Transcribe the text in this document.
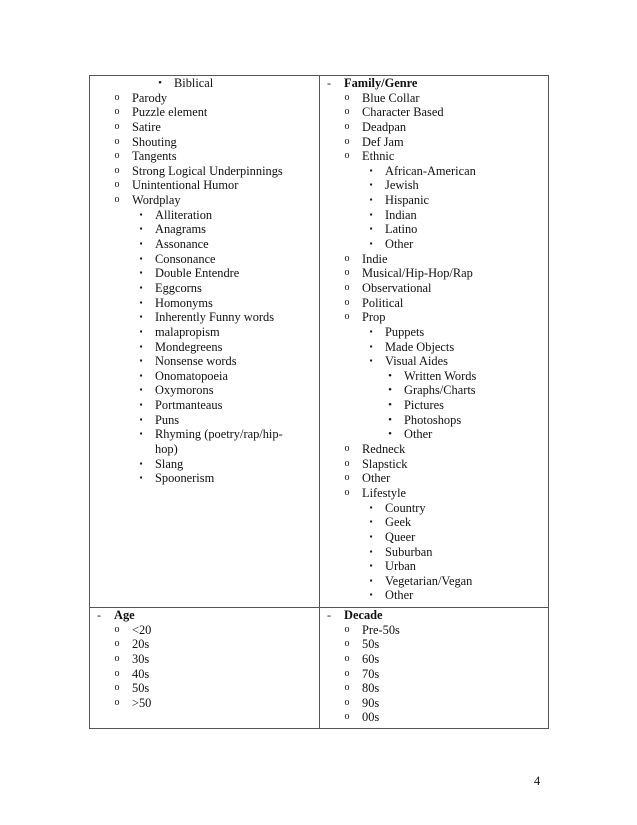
• Biblical
o Parody
o Puzzle element
o Satire
o Shouting
o Tangents
o Strong Logical Underpinnings
o Unintentional Humor
o Wordplay
▪	Alliteration
▪	Anagrams
▪	Assonance
▪	Consonance
▪	Double Entendre
▪	Eggcorns
▪	Homonyms
▪	Inherently Funny words
▪	malapropism
▪	Mondegreens
▪	Nonsense words
▪	Onomatopoeia
▪	Oxymorons
▪	Portmanteaus
▪	Puns
▪	Rhyming (poetry/rap/hip-
hop)
▪	Slang
▪	Spoonerism
-	Family/Genre
o Blue Collar
o Character Based
o Deadpan
o Def Jam
o Ethnic
▪	African-American
▪	Jewish
▪	Hispanic
▪	Indian
▪	Latino
▪	Other
o Indie
o Musical/Hip-Hop/Rap
o Observational
o Political
o Prop
▪	Puppets
▪	Made Objects
▪	Visual Aides
• Written Words
• Graphs/Charts
• Pictures
• Photoshops
• Other
o Redneck
o Slapstick
o Other
o Lifestyle
▪	Country
▪	Geek
▪	Queer
▪	Suburban
▪	Urban
▪	Vegetarian/Vegan
▪	Other
-	Age
o <20
o 20s
o 30s
o 40s
o 50s
o >50
-	Decade
o Pre-50s
o 50s
o 60s
o 70s
o 80s
o 90s
o 00s
4
